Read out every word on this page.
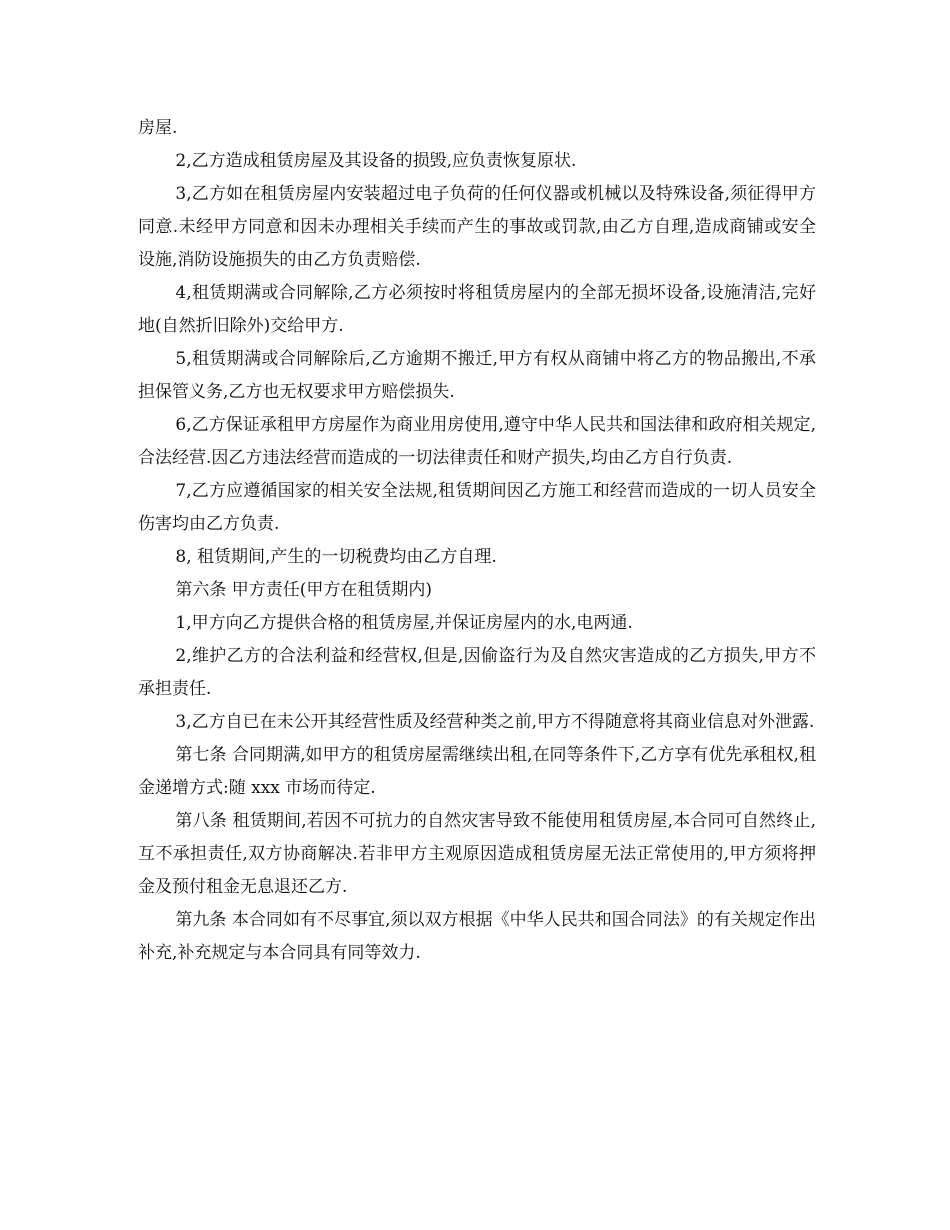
房屋.

2,乙方造成租赁房屋及其设备的损毁,应负责恢复原状.

3,乙方如在租赁房屋内安装超过电子负荷的任何仪器或机械以及特殊设备,须征得甲方同意.未经甲方同意和因未办理相关手续而产生的事故或罚款,由乙方自理,造成商铺或安全设施,消防设施损失的由乙方负责赔偿.

4,租赁期满或合同解除,乙方必须按时将租赁房屋内的全部无损坏设备,设施清洁,完好地(自然折旧除外)交给甲方.

5,租赁期满或合同解除后,乙方逾期不搬迁,甲方有权从商铺中将乙方的物品搬出,不承担保管义务,乙方也无权要求甲方赔偿损失.

6,乙方保证承租甲方房屋作为商业用房使用,遵守中华人民共和国法律和政府相关规定,合法经营.因乙方违法经营而造成的一切法律责任和财产损失,均由乙方自行负责.

7,乙方应遵循国家的相关安全法规,租赁期间因乙方施工和经营而造成的一切人员安全伤害均由乙方负责.

8, 租赁期间,产生的一切税费均由乙方自理.

第六条 甲方责任(甲方在租赁期内)

1,甲方向乙方提供合格的租赁房屋,并保证房屋内的水,电两通.

2,维护乙方的合法利益和经营权,但是,因偷盗行为及自然灾害造成的乙方损失,甲方不承担责任.

3,乙方自已在未公开其经营性质及经营种类之前,甲方不得随意将其商业信息对外泄露.

第七条 合同期满,如甲方的租赁房屋需继续出租,在同等条件下,乙方享有优先承租权,租金递增方式:随 xxx 市场而待定.

第八条 租赁期间,若因不可抗力的自然灾害导致不能使用租赁房屋,本合同可自然终止,互不承担责任,双方协商解决.若非甲方主观原因造成租赁房屋无法正常使用的,甲方须将押金及预付租金无息退还乙方.

第九条 本合同如有不尽事宜,须以双方根据《中华人民共和国合同法》的有关规定作出补充,补充规定与本合同具有同等效力.
